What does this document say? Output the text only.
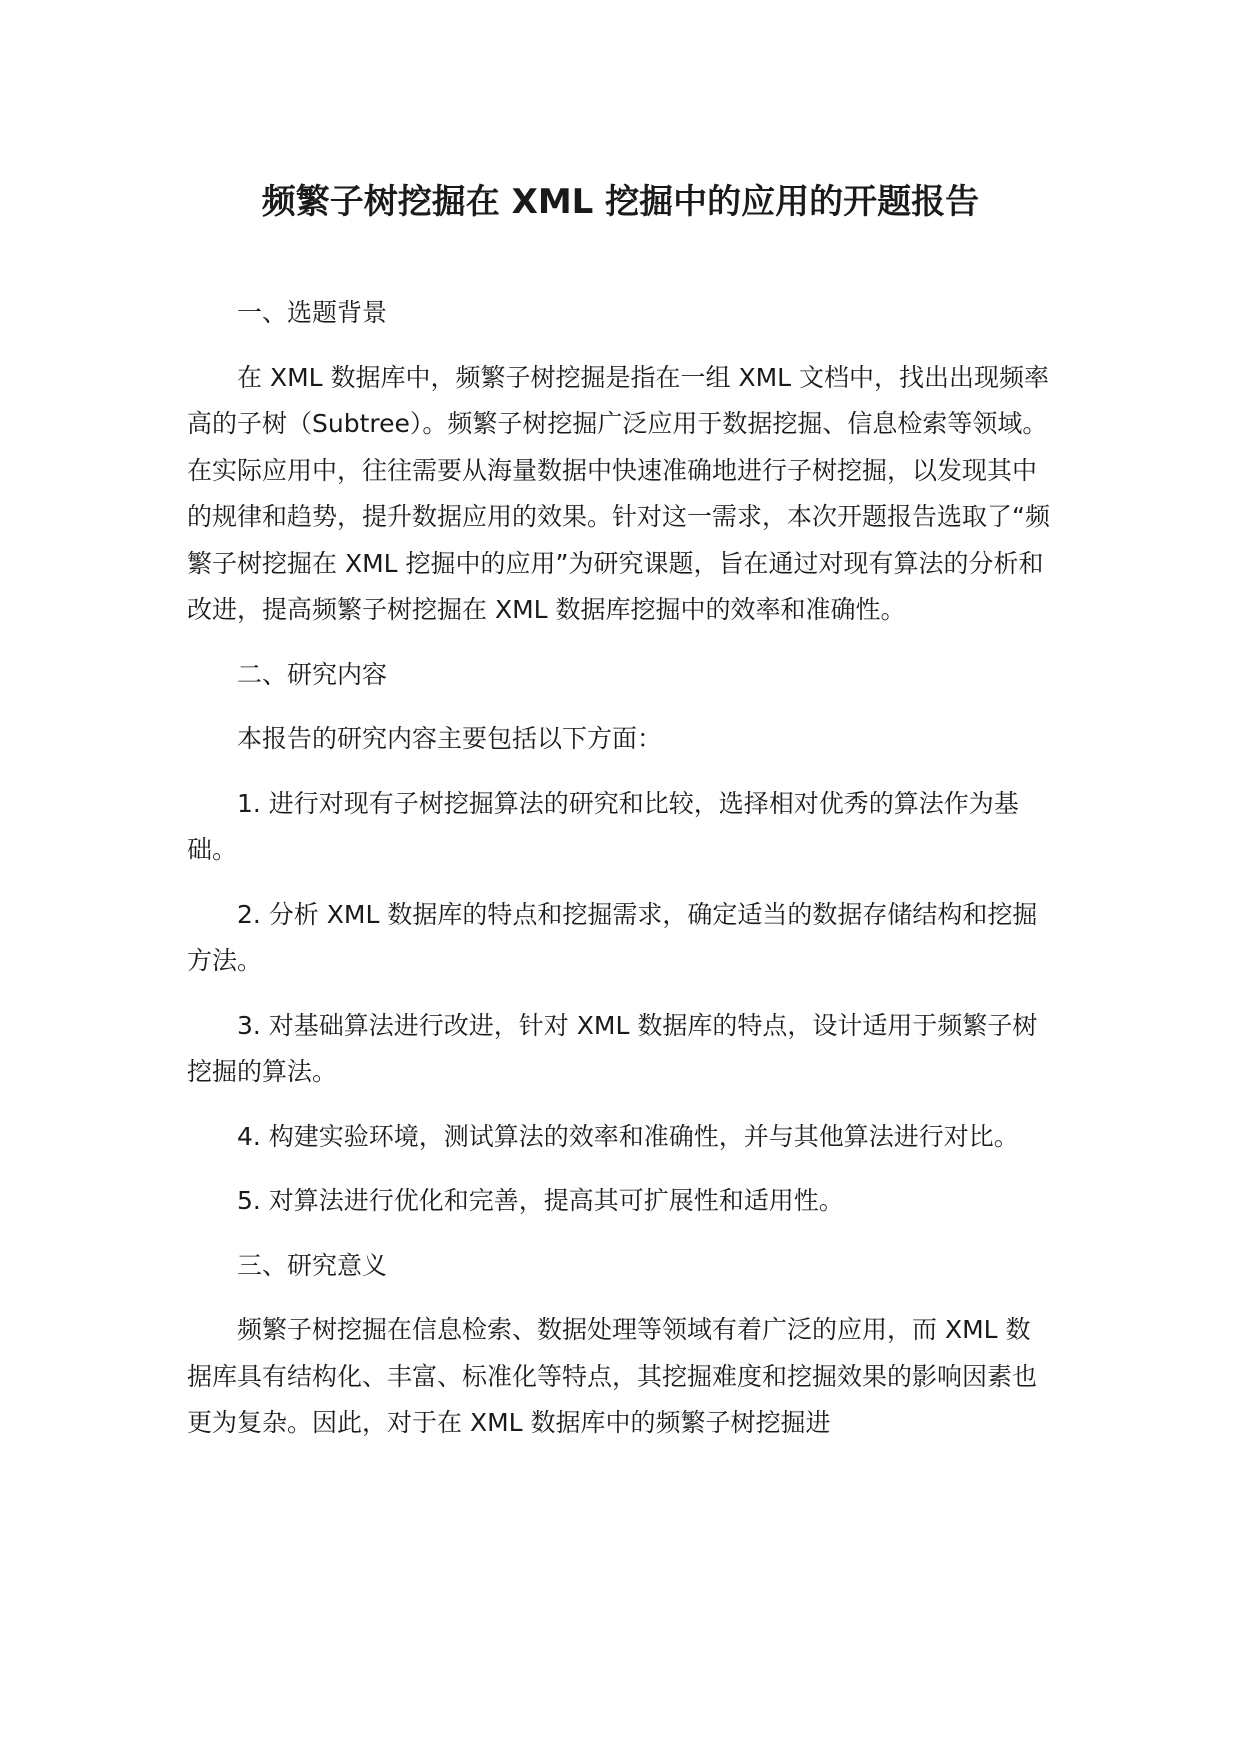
频繁子树挖掘在 XML 挖掘中的应用的开题报告

一、选题背景

在 XML 数据库中，频繁子树挖掘是指在一组 XML 文档中，找出出现频率高的子树（Subtree）。频繁子树挖掘广泛应用于数据挖掘、信息检索等领域。在实际应用中，往往需要从海量数据中快速准确地进行子树挖掘，以发现其中的规律和趋势，提升数据应用的效果。针对这一需求，本次开题报告选取了“频繁子树挖掘在 XML 挖掘中的应用”为研究课题，旨在通过对现有算法的分析和改进，提高频繁子树挖掘在 XML 数据库挖掘中的效率和准确性。

二、研究内容

本报告的研究内容主要包括以下方面：

1. 进行对现有子树挖掘算法的研究和比较，选择相对优秀的算法作为基础。

2. 分析 XML 数据库的特点和挖掘需求，确定适当的数据存储结构和挖掘方法。

3. 对基础算法进行改进，针对 XML 数据库的特点，设计适用于频繁子树挖掘的算法。

4. 构建实验环境，测试算法的效率和准确性，并与其他算法进行对比。

5. 对算法进行优化和完善，提高其可扩展性和适用性。

三、研究意义

频繁子树挖掘在信息检索、数据处理等领域有着广泛的应用，而 XML 数据库具有结构化、丰富、标准化等特点，其挖掘难度和挖掘效果的影响因素也更为复杂。因此，对于在 XML 数据库中的频繁子树挖掘进
